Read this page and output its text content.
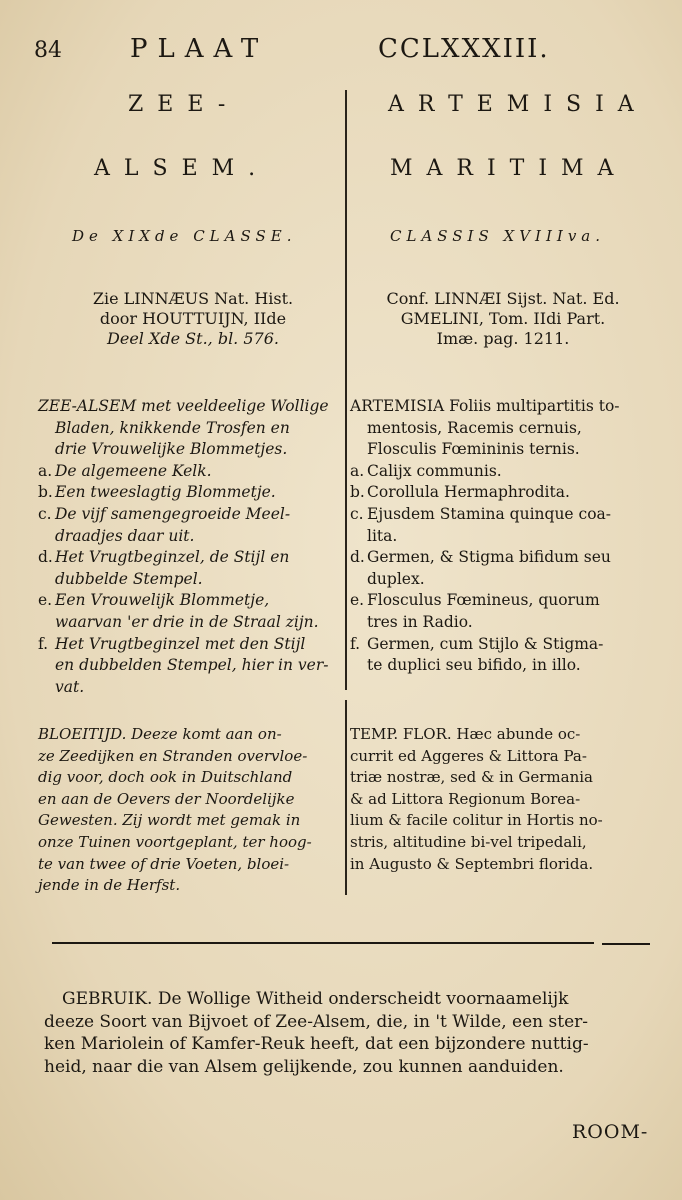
84	PLAAT	CCLXXXIII.
ZEE-
ALSEM.
De XIXde CLASSE.
ARTEMISIA
MARITIMA
CLASSIS XVIIIva.
Zie LINNÆUS Nat. Hist.
door HOUTTUIJN, IIde
Deel Xde St., bl. 576.
Conf. LINNÆI Sijst. Nat. Ed.
GMELINI, Tom. IIdi Part.
Imæ. pag. 1211.
ZEE-ALSEM met veeldeelige Wollige
Bladen, knikkende Trosfen en
drie Vrouwelijke Blommetjes.
a. De algemeene Kelk.
b. Een tweeslagtig Blommetje.
c. De vijf samengegroeide Meel-
draadjes daar uit.
d. Het Vrugtbeginzel, de Stijl en
dubbelde Stempel.
e. Een Vrouwelijk Blommetje,
waarvan 'er drie in de Straal zijn.
f. Het Vrugtbeginzel met den Stijl
en dubbelden Stempel, hier in ver-
vat.
ARTEMISIA Foliis multipartitis to-
mentosis, Racemis cernuis,
Flosculis Fœmininis ternis.
a. Calijx communis.
b. Corollula Hermaphrodita.
c. Ejusdem Stamina quinque coa-
lita.
d. Germen, & Stigma bifidum seu
duplex.
e. Flosculus Fœmineus, quorum
tres in Radio.
f. Germen, cum Stijlo & Stigma-
te duplici seu bifido, in illo.
BLOEITIJD. Deeze komt aan on-
ze Zeedijken en Stranden overvloe-
dig voor, doch ook in Duitschland
en aan de Oevers der Noordelijke
Gewesten. Zij wordt met gemak in
onze Tuinen voortgeplant, ter hoog-
te van twee of drie Voeten, bloei-
jende in de Herfst.
TEMP. FLOR. Hæc abunde oc-
currit ed Aggeres & Littora Pa-
triæ nostræ, sed & in Germania
& ad Littora Regionum Borea-
lium & facile colitur in Hortis no-
stris, altitudine bi-vel tripedali,
in Augusto & Septembri florida.
GEBRUIK. De Wollige Witheid onderscheidt voornaamelijk
deeze Soort van Bijvoet of Zee-Alsem, die, in 't Wilde, een ster-
ken Mariolein of Kamfer-Reuk heeft, dat een bijzondere nuttig-
heid, naar die van Alsem gelijkende, zou kunnen aanduiden.
ROOM-
